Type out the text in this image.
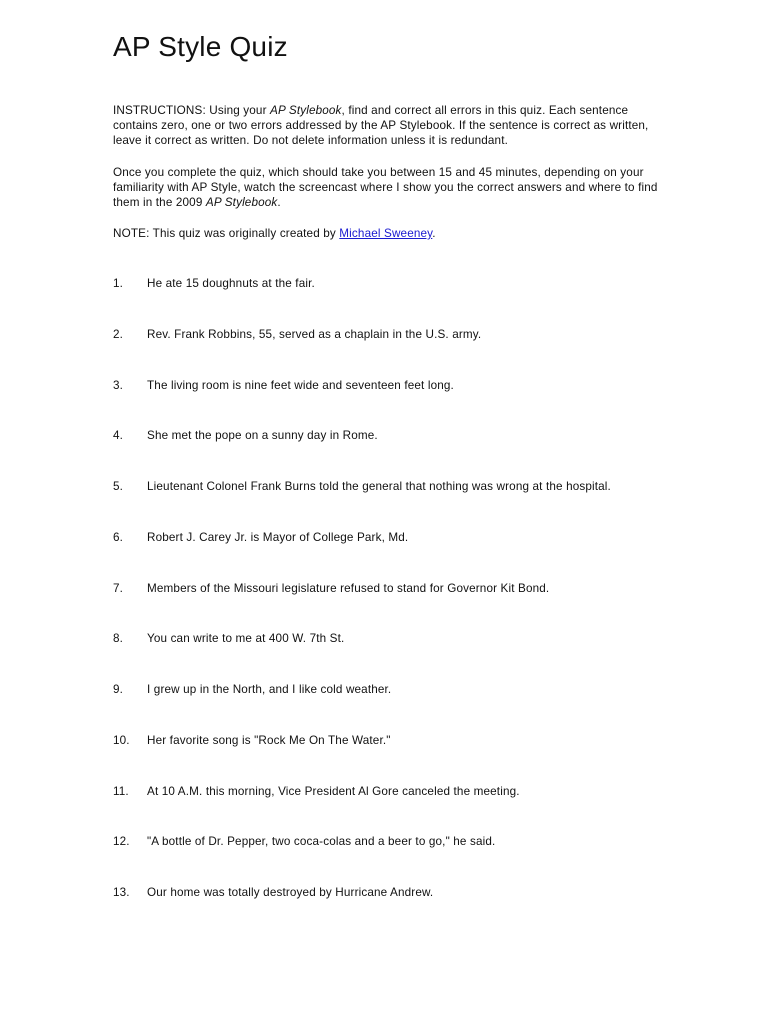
AP Style Quiz

INSTRUCTIONS: Using your AP Stylebook, find and correct all errors in this quiz. Each sentence contains zero, one or two errors addressed by the AP Stylebook. If the sentence is correct as written, leave it correct as written. Do not delete information unless it is redundant.

Once you complete the quiz, which should take you between 15 and 45 minutes, depending on your familiarity with AP Style, watch the screencast where I show you the correct answers and where to find them in the 2009 AP Stylebook.

NOTE: This quiz was originally created by Michael Sweeney.

1.	He ate 15 doughnuts at the fair.
2.	Rev. Frank Robbins, 55, served as a chaplain in the U.S. army.
3.	The living room is nine feet wide and seventeen feet long.
4.	She met the pope on a sunny day in Rome.
5.	Lieutenant Colonel Frank Burns told the general that nothing was wrong at the hospital.
6.	Robert J. Carey Jr. is Mayor of College Park, Md.
7.	Members of the Missouri legislature refused to stand for Governor Kit Bond.
8.	You can write to me at 400 W. 7th St.
9.	I grew up in the North, and I like cold weather.
10.	Her favorite song is "Rock Me On The Water."
11.	At 10 A.M. this morning, Vice President Al Gore canceled the meeting.
12.	"A bottle of Dr. Pepper, two coca-colas and a beer to go," he said.
13.	Our home was totally destroyed by Hurricane Andrew.
